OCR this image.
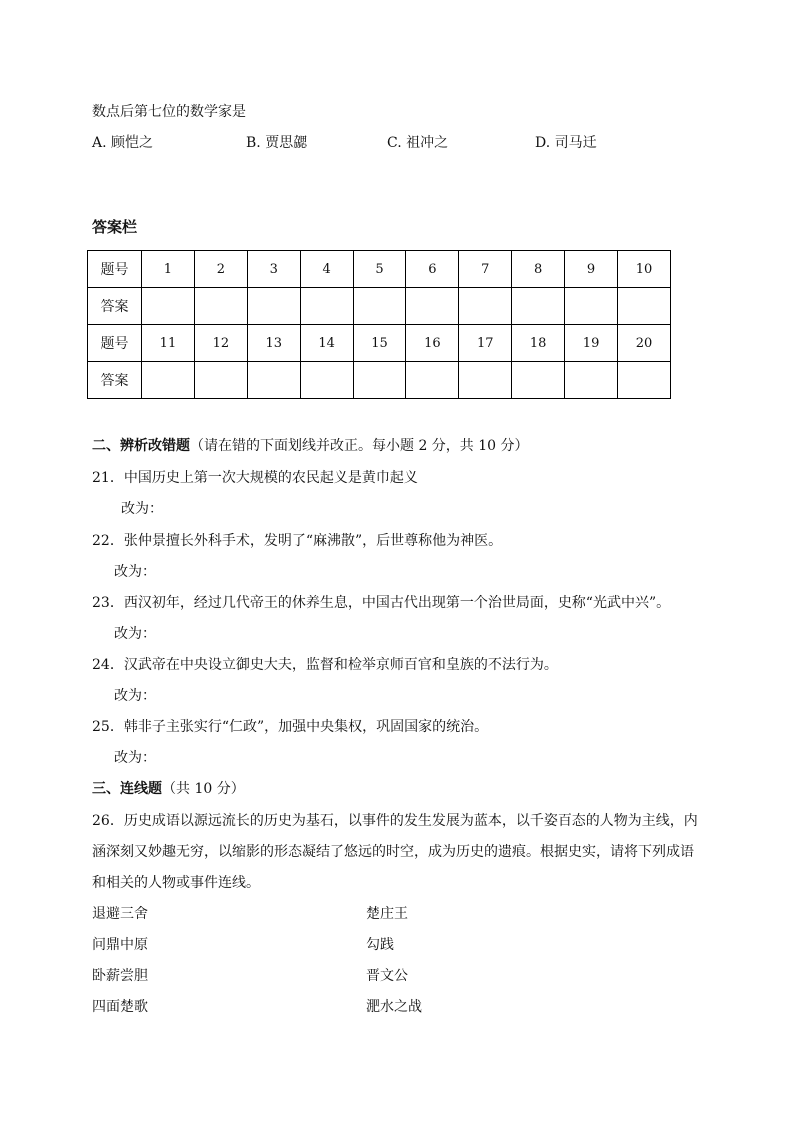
数点后第七位的数学家是
A. 顾恺之	B. 贾思勰	C. 祖冲之	D. 司马迁
答案栏
题号	1	2	3	4	5	6	7	8	9	10
答案										
题号	11	12	13	14	15	16	17	18	19	20
答案										
二、辨析改错题（请在错的下面划线并改正。每小题 2 分，共 10 分）
21．中国历史上第一次大规模的农民起义是黄巾起义
改为：
22．张仲景擅长外科手术，发明了“麻沸散”，后世尊称他为神医。
改为：
23．西汉初年，经过几代帝王的休养生息，中国古代出现第一个治世局面，史称“光武中兴”。
改为：
24．汉武帝在中央设立御史大夫，监督和检举京师百官和皇族的不法行为。
改为：
25．韩非子主张实行“仁政”，加强中央集权，巩固国家的统治。
改为：
三、连线题（共 10 分）
26．历史成语以源远流长的历史为基石，以事件的发生发展为蓝本，以千姿百态的人物为主线，内
涵深刻又妙趣无穷，以缩影的形态凝结了悠远的时空，成为历史的遗痕。根据史实，请将下列成语
和相关的人物或事件连线。
退避三舍	楚庄王
问鼎中原	勾践
卧薪尝胆	晋文公
四面楚歌	淝水之战
